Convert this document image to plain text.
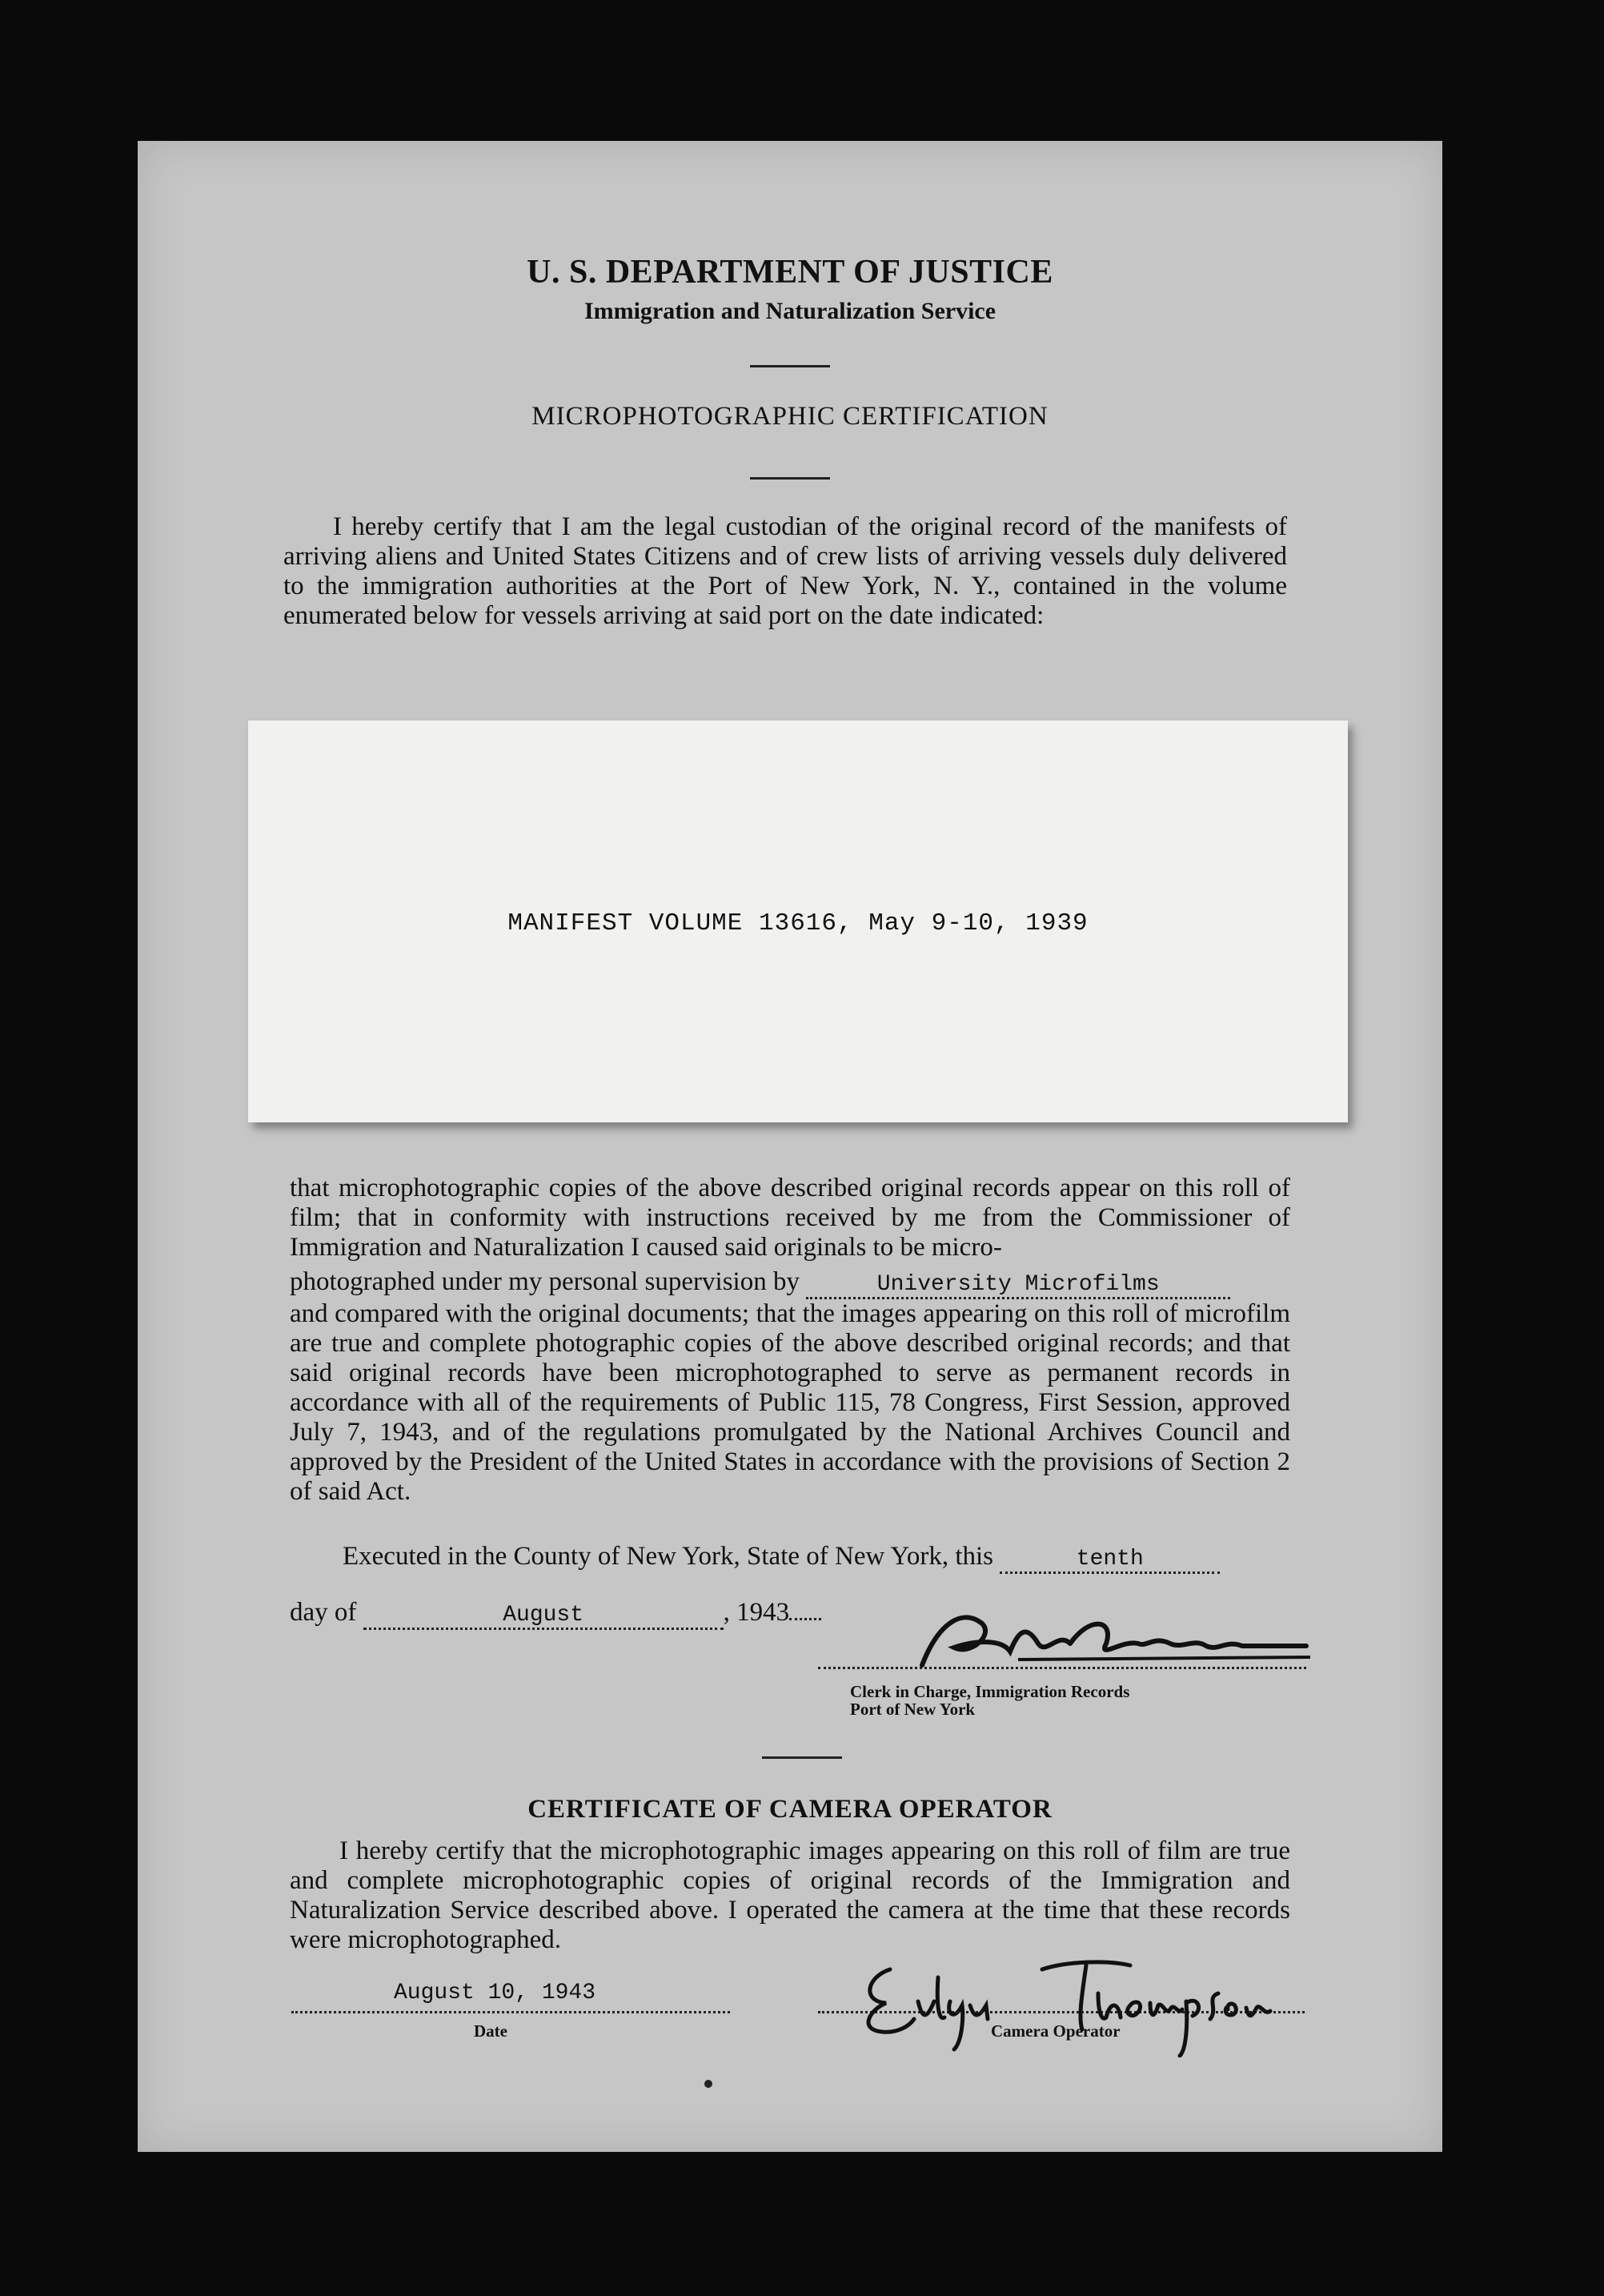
U. S. DEPARTMENT OF JUSTICE
Immigration and Naturalization Service
MICROPHOTOGRAPHIC CERTIFICATION

I hereby certify that I am the legal custodian of the original record of the manifests of arriving aliens and United States Citizens and of crew lists of arriving vessels duly delivered to the immigration authorities at the Port of New York, N. Y., contained in the volume enumerated below for vessels arriving at said port on the date indicated:

MANIFEST VOLUME 13616, May 9-10, 1939

that microphotographic copies of the above described original records appear on this roll of film; that in conformity with instructions received by me from the Commissioner of Immigration and Naturalization I caused said originals to be micro-

photographed under my personal supervision by	University Microfilms

and compared with the original documents; that the images appearing on this roll of microfilm are true and complete photographic copies of the above described original records; and that said original records have been microphotographed to serve as permanent records in accordance with all of the requirements of Public 115, 78 Congress, First Session, approved July 7, 1943, and of the regulations promulgated by the National Archives Council and approved by the President of the United States in accordance with the provisions of Section 2 of said Act.

Executed in the County of New York, State of New York, this	tenth
day of	August	, 1943
Clerk in Charge, Immigration Records
Port of New York
CERTIFICATE OF CAMERA OPERATOR

I hereby certify that the microphotographic images appearing on this roll of film are true and complete microphotographic copies of original records of the Immigration and Naturalization Service described above. I operated the camera at the time that these records were microphotographed.

August 10, 1943
Date	Camera Operator
